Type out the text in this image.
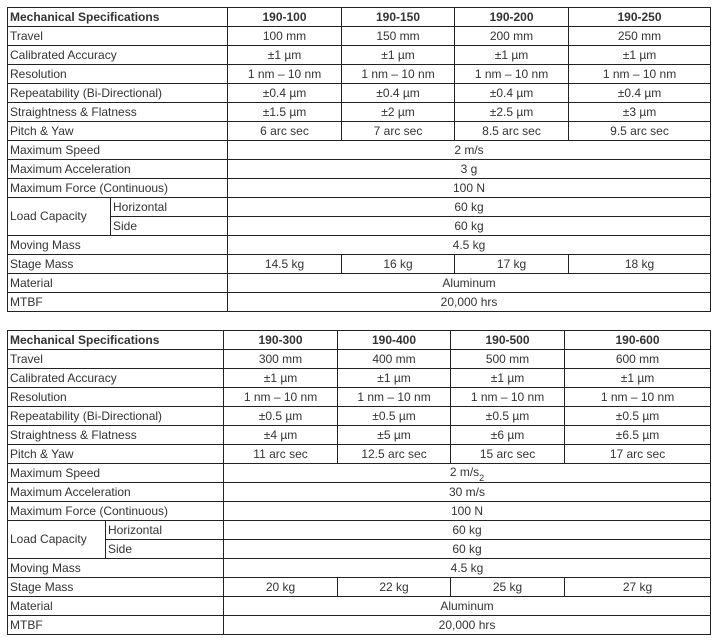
Mechanical Specifications		190-100	190-150	190-200	190-250
Travel		100 mm	150 mm	200 mm	250 mm
Calibrated Accuracy		±1 µm	±1 µm	±1 µm	±1 µm
Resolution		1 nm – 10 nm	1 nm – 10 nm	1 nm – 10 nm	1 nm – 10 nm
Repeatability (Bi-Directional)		±0.4 µm	±0.4 µm	±0.4 µm	±0.4 µm
Straightness & Flatness		±1.5 µm	±2 µm	±2.5 µm	±3 µm
Pitch & Yaw		6 arc sec	7 arc sec	8.5 arc sec	9.5 arc sec
Maximum Speed		2 m/s			
Maximum Acceleration		3 g			
Maximum Force (Continuous)		100 N			
Load Capacity	Horizontal	60 kg			
	Side	60 kg			
Moving Mass		4.5 kg			
Stage Mass		14.5 kg	16 kg	17 kg	18 kg
Material		Aluminum			
MTBF		20,000 hrs			
Mechanical Specifications		190-300	190-400	190-500	190-600
Travel		300 mm	400 mm	500 mm	600 mm
Calibrated Accuracy		±1 µm	±1 µm	±1 µm	±1 µm
Resolution		1 nm – 10 nm	1 nm – 10 nm	1 nm – 10 nm	1 nm – 10 nm
Repeatability (Bi-Directional)		±0.5 µm	±0.5 µm	±0.5 µm	±0.5 µm
Straightness & Flatness		±4 µm	±5 µm	±6 µm	±6.5 µm
Pitch & Yaw		11 arc sec	12.5 arc sec	15 arc sec	17 arc sec
Maximum Speed		2 $m/s_2$
Maximum Acceleration		30 m/s			
Maximum Force (Continuous)		100 N			
Load Capacity	Horizontal	60 kg			
	Side	60 kg			
Moving Mass		4.5 kg			
Stage Mass		20 kg	22 kg	25 kg	27 kg
Material		Aluminum			
MTBF		20,000 hrs			
